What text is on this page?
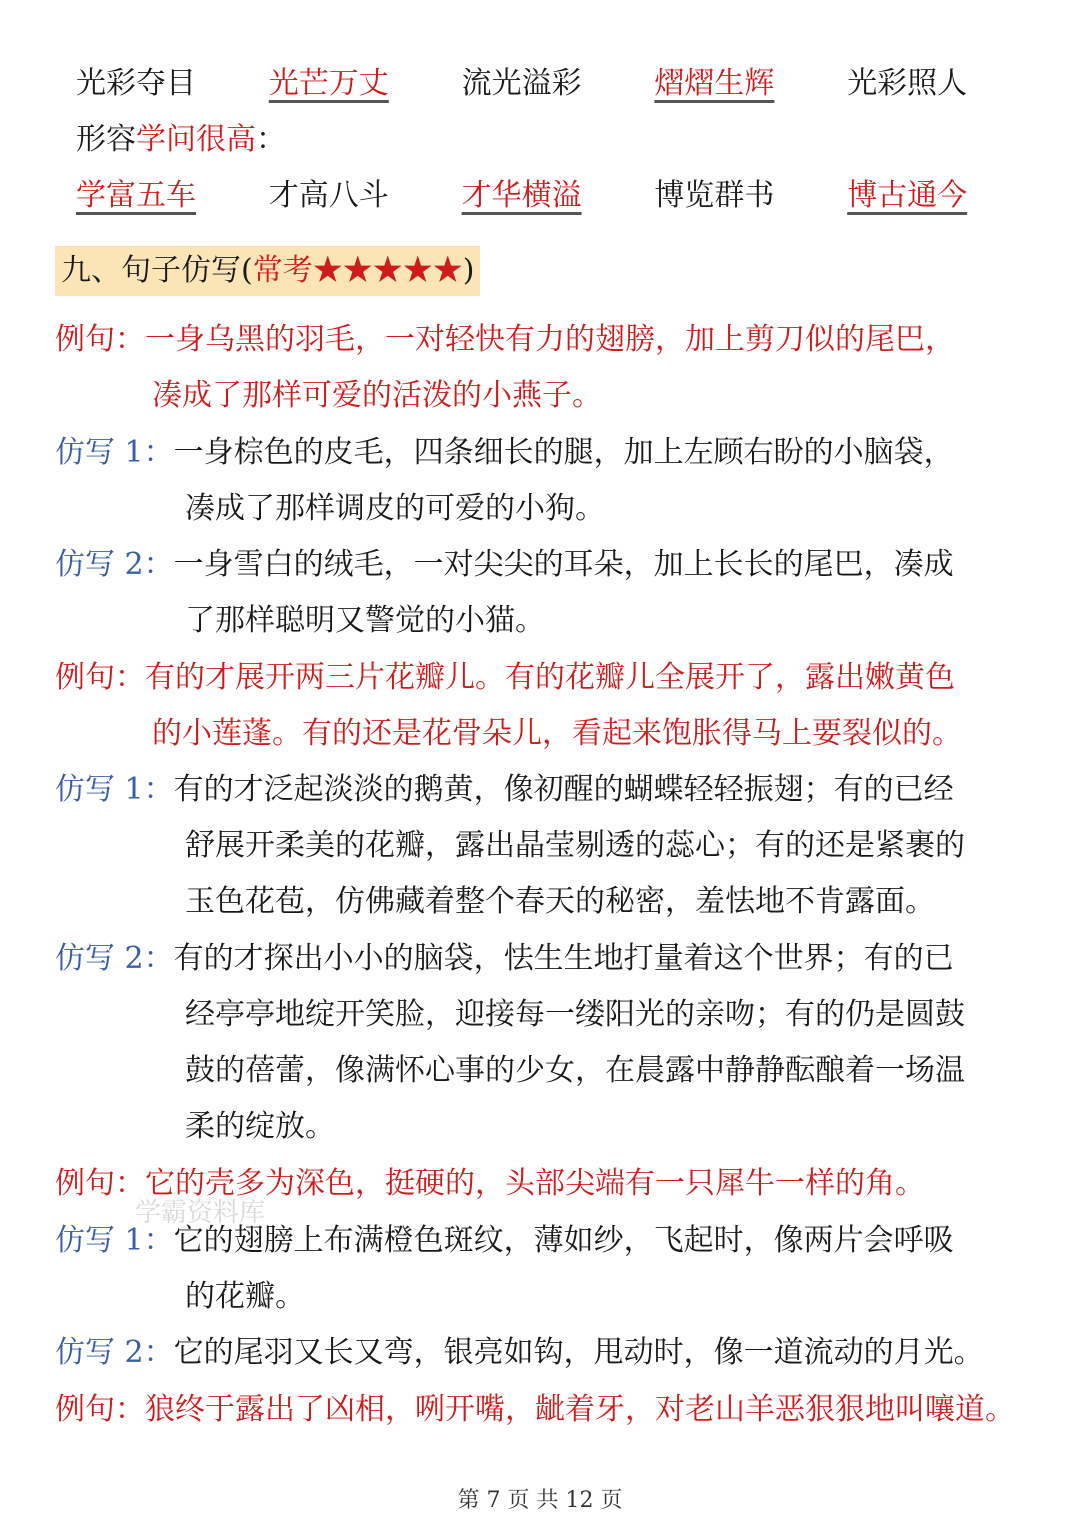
光彩夺目	光芒万丈	流光溢彩	熠熠生辉	光彩照人
形容学问很高：
学富五车	才高八斗	才华横溢	博览群书	博古通今
九、句子仿写(常考★★★★★)
例句：一身乌黑的羽毛，一对轻快有力的翅膀，加上剪刀似的尾巴，
凑成了那样可爱的活泼的小燕子。
仿写 1：一身棕色的皮毛，四条细长的腿，加上左顾右盼的小脑袋，
凑成了那样调皮的可爱的小狗。
仿写 2：一身雪白的绒毛，一对尖尖的耳朵，加上长长的尾巴，凑成
了那样聪明又警觉的小猫。
例句：有的才展开两三片花瓣儿。有的花瓣儿全展开了，露出嫩黄色
的小莲蓬。有的还是花骨朵儿，看起来饱胀得马上要裂似的。
仿写 1：有的才泛起淡淡的鹅黄，像初醒的蝴蝶轻轻振翅；有的已经
舒展开柔美的花瓣，露出晶莹剔透的蕊心；有的还是紧裹的
玉色花苞，仿佛藏着整个春天的秘密，羞怯地不肯露面。
仿写 2：有的才探出小小的脑袋，怯生生地打量着这个世界；有的已
经亭亭地绽开笑脸，迎接每一缕阳光的亲吻；有的仍是圆鼓
鼓的蓓蕾，像满怀心事的少女，在晨露中静静酝酿着一场温
柔的绽放。
例句：它的壳多为深色，挺硬的，头部尖端有一只犀牛一样的角。
仿写 1：它的翅膀上布满橙色斑纹，薄如纱，飞起时，像两片会呼吸
的花瓣。
仿写 2：它的尾羽又长又弯，银亮如钩，甩动时，像一道流动的月光。
例句：狼终于露出了凶相，咧开嘴，龇着牙，对老山羊恶狠狠地叫嚷道。
学霸资料库
第 7 页 共 12 页
